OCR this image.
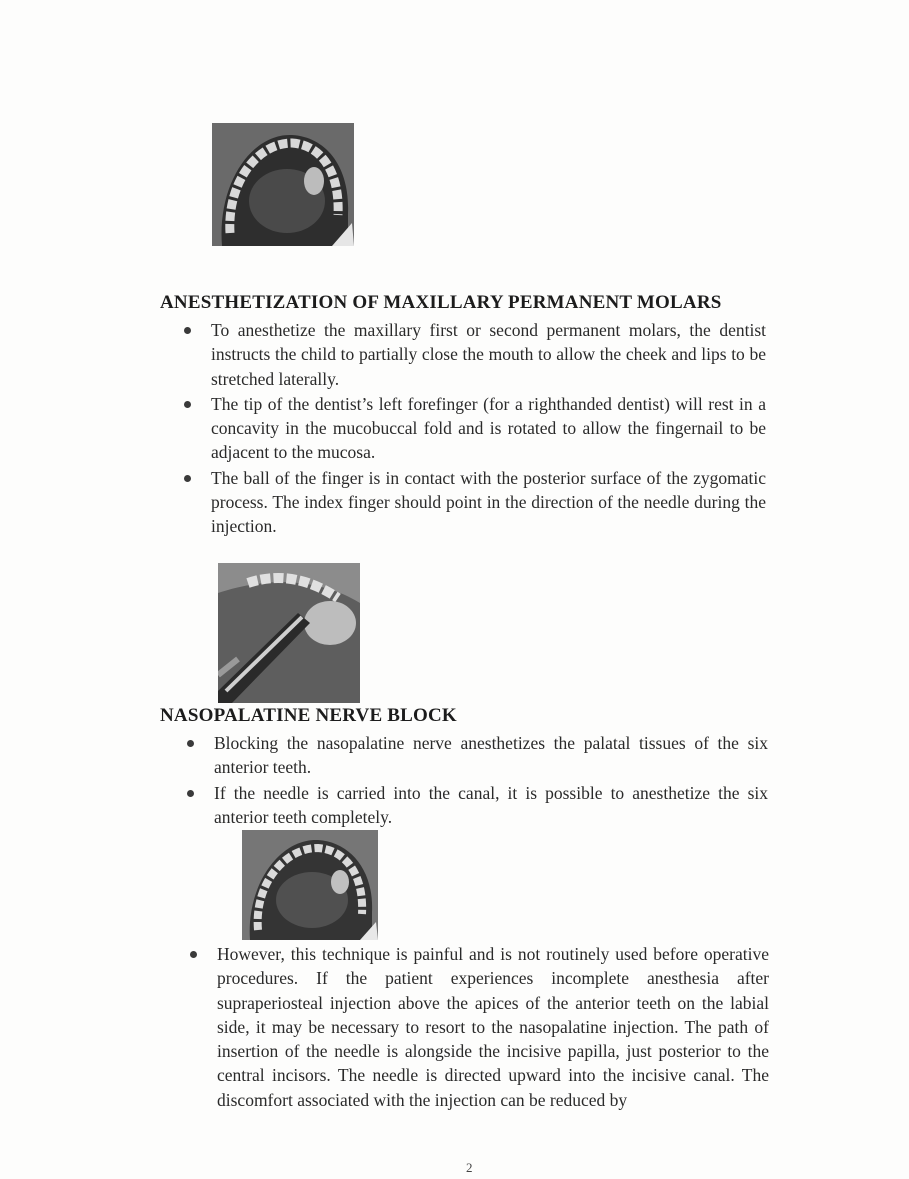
ANESTHETIZATION OF MAXILLARY PERMANENT MOLARS
To anesthetize the maxillary first or second permanent molars, the dentist instructs the child to partially close the mouth to allow the cheek and lips to be stretched laterally.
The tip of the dentist’s left forefinger (for a righthanded dentist) will rest in a concavity in the mucobuccal fold and is rotated to allow the fingernail to be adjacent to the mucosa.
The ball of the finger is in contact with the posterior surface of the zygomatic process. The index finger should point in the direction of the needle during the injection.
NASOPALATINE NERVE BLOCK
Blocking the nasopalatine nerve anesthetizes the palatal tissues of the six anterior teeth.
If the needle is carried into the canal, it is possible to anesthetize the six anterior teeth completely.
However, this technique is painful and is not routinely used before operative procedures. If the patient experiences incomplete anesthesia after supraperiosteal injection above the apices of the anterior teeth on the labial side, it may be necessary to resort to the nasopalatine injection. The path of insertion of the needle is alongside the incisive papilla, just posterior to the central incisors. The needle is directed upward into the incisive canal. The discomfort associated with the injection can be reduced by
2
